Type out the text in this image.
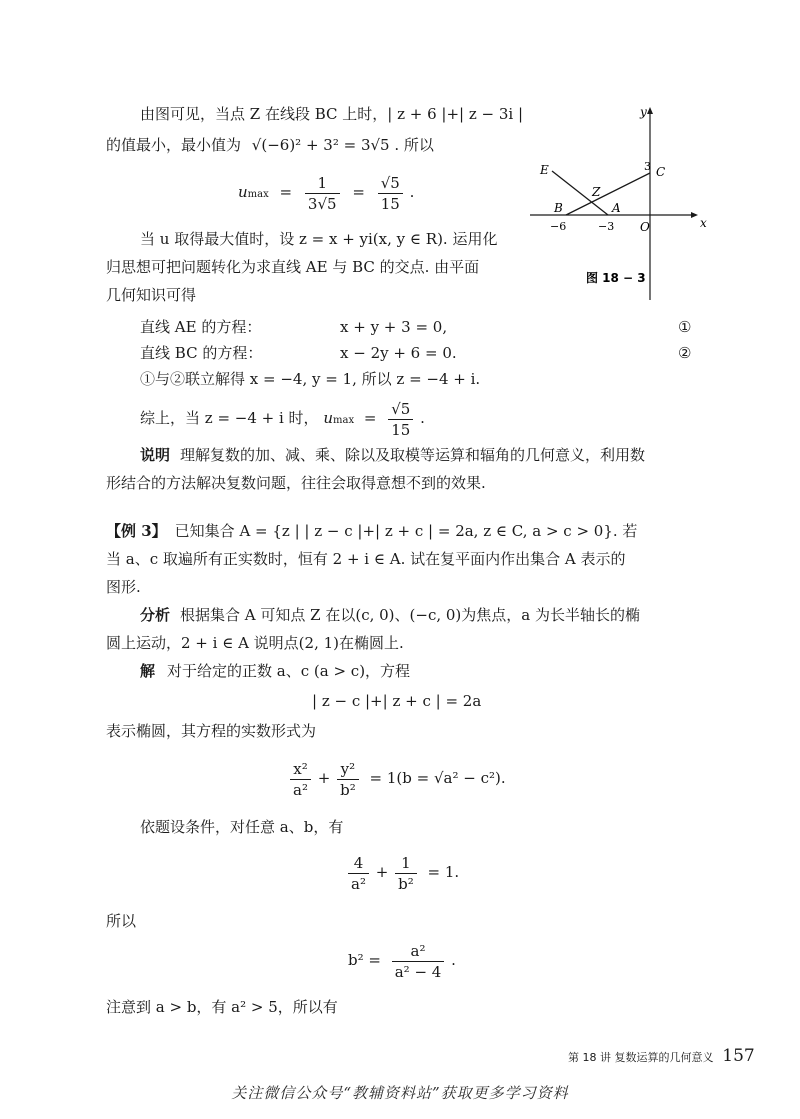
由图可见，当点 Z 在线段 BC 上时，| z + 6 |+| z − 3i |
的值最小，最小值为 √(−6)² + 3² = 3√5 . 所以
$umax = \frac{1}{3√5} = \frac{√5}{15}$ .
当 u 取得最大值时，设 z = x + yi(x, y ∈ R). 运用化
归思想可把问题转化为求直线 AE 与 BC 的交点. 由平面
几何知识可得
直线 AE 的方程：	x + y + 3 = 0,	①
直线 BC 的方程：	x − 2y + 6 = 0.	②
①与②联立解得 x = −4, y = 1, 所以 z = −4 + i.
综上，当 z = −4 + i 时， $umax = \frac{√5}{15}$ .
说明 理解复数的加、减、乘、除以及取模等运算和辐角的几何意义，利用数
形结合的方法解决复数问题，往往会取得意想不到的效果.
【例 3】 已知集合 A = {z | | z − c |+| z + c | = 2a, z ∈ C, a > c > 0}. 若
当 a、c 取遍所有正实数时，恒有 2 + i ∈ A. 试在复平面内作出集合 A 表示的
图形.
分析 根据集合 A 可知点 Z 在以(c, 0)、(−c, 0)为焦点，a 为长半轴长的椭
圆上运动，2 + i ∈ A 说明点(2, 1)在椭圆上.
解 对于给定的正数 a、c (a > c)，方程
| z − c |+| z + c | = 2a
表示椭圆，其方程的实数形式为
$\frac{\text{x²}}{\text{a²}} + \frac{\text{y²}}{\text{b²}} = 1(b = √a^2 - c^2)$.
依题设条件，对任意 a、b，有
$\frac{4}{\text{a²}} + \frac{1}{\text{b²}} = 1$.
所以
$b^2 = \frac{\text{a²}}{\text{a² − 4}}$ .
注意到 a > b，有 a² > 5，所以有
y
x
O
C
3
E
Z
B	A
−6	−3
图 18 − 3
第 18 讲 复数运算的几何意义 157
关注微信公众号“教辅资料站”获取更多学习资料
